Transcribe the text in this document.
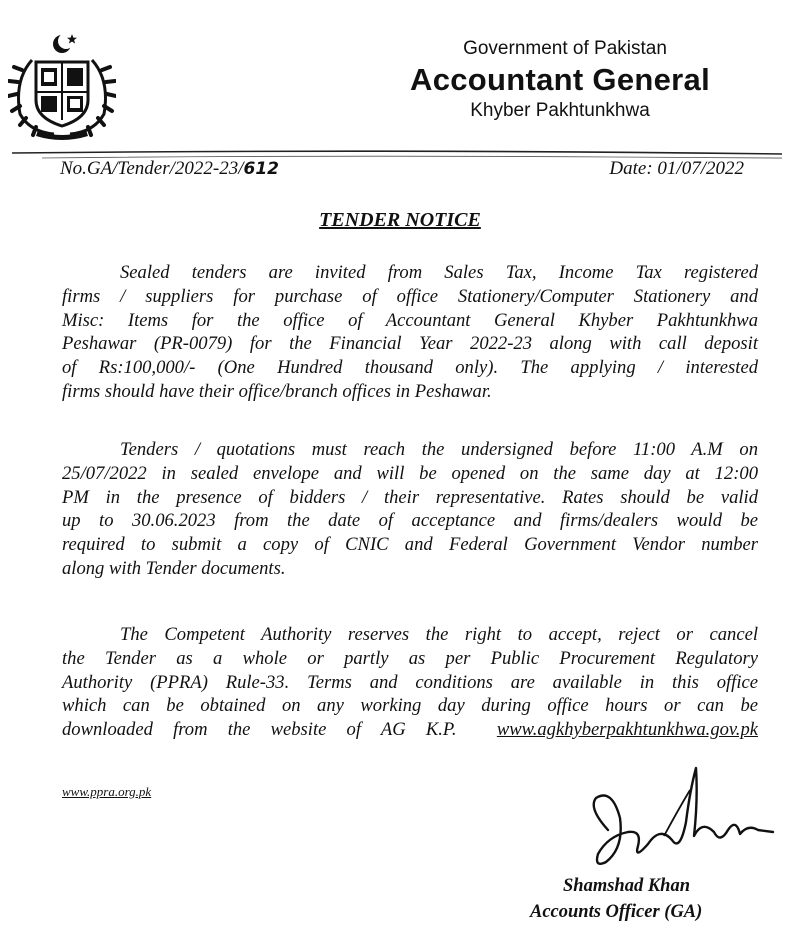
Government of Pakistan
Accountant General
Khyber Pakhtunkhwa
No.GA/Tender/2022-23/612	Date: 01/07/2022
TENDER NOTICE
Sealed tenders are invited from Sales Tax, Income Tax registered
firms / suppliers for purchase of office Stationery/Computer Stationery and
Misc: Items for the office of Accountant General Khyber Pakhtunkhwa
Peshawar (PR-0079) for the Financial Year 2022-23 along with call deposit
of Rs:100,000/- (One Hundred thousand only). The applying / interested
firms should have their office/branch offices in Peshawar.
Tenders / quotations must reach the undersigned before 11:00 A.M on
25/07/2022 in sealed envelope and will be opened on the same day at 12:00
PM in the presence of bidders / their representative. Rates should be valid
up to 30.06.2023 from the date of acceptance and firms/dealers would be
required to submit a copy of CNIC and Federal Government Vendor number
along with Tender documents.
The Competent Authority reserves the right to accept, reject or cancel
the Tender as a whole or partly as per Public Procurement Regulatory
Authority (PPRA) Rule-33. Terms and conditions are available in this office
which can be obtained on any working day during office hours or can be
downloaded from the website of AG K.P. www.agkhyberpakhtunkhwa.gov.pk
www.ppra.org.pk
Shamshad Khan
Accounts Officer (GA)
